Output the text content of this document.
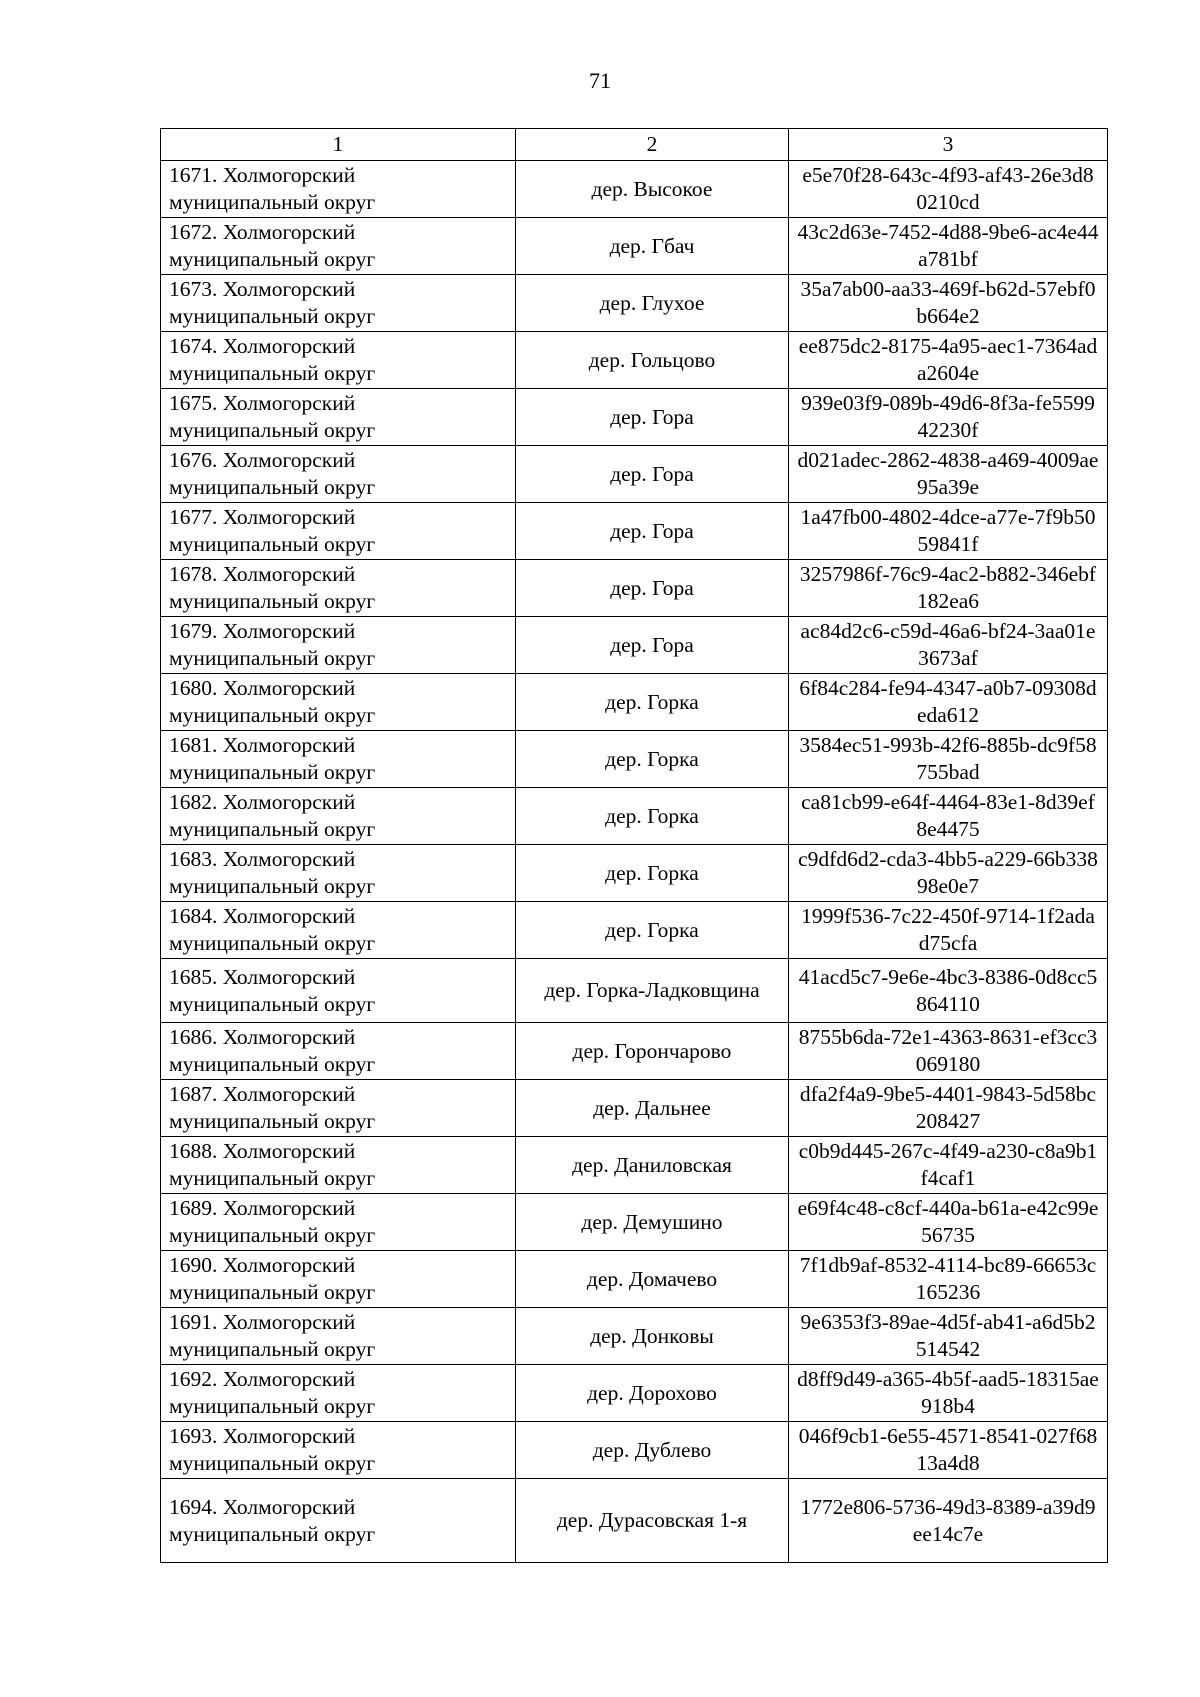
71
1	2	3
1671. Холмогорский муниципальный округ	дер. Высокое	e5e70f28-643c-4f93-af43-26e3d80210cd
1672. Холмогорский муниципальный округ	дер. Гбач	43c2d63e-7452-4d88-9be6-ac4e44a781bf
1673. Холмогорский муниципальный округ	дер. Глухое	35a7ab00-aa33-469f-b62d-57ebf0b664e2
1674. Холмогорский муниципальный округ	дер. Гольцово	ee875dc2-8175-4a95-aec1-7364ada2604e
1675. Холмогорский муниципальный округ	дер. Гора	939e03f9-089b-49d6-8f3a-fe559942230f
1676. Холмогорский муниципальный округ	дер. Гора	d021adec-2862-4838-a469-4009ae95a39e
1677. Холмогорский муниципальный округ	дер. Гора	1a47fb00-4802-4dce-a77e-7f9b5059841f
1678. Холмогорский муниципальный округ	дер. Гора	3257986f-76c9-4ac2-b882-346ebf182ea6
1679. Холмогорский муниципальный округ	дер. Гора	ac84d2c6-c59d-46a6-bf24-3aa01e3673af
1680. Холмогорский муниципальный округ	дер. Горка	6f84c284-fe94-4347-a0b7-09308deda612
1681. Холмогорский муниципальный округ	дер. Горка	3584ec51-993b-42f6-885b-dc9f58755bad
1682. Холмогорский муниципальный округ	дер. Горка	ca81cb99-e64f-4464-83e1-8d39ef8e4475
1683. Холмогорский муниципальный округ	дер. Горка	c9dfd6d2-cda3-4bb5-a229-66b33898e0e7
1684. Холмогорский муниципальный округ	дер. Горка	1999f536-7c22-450f-9714-1f2adad75cfa
1685. Холмогорский муниципальный округ	дер. Горка-Ладковщина	41acd5c7-9e6e-4bc3-8386-0d8cc5864110
1686. Холмогорский муниципальный округ	дер. Горончарово	8755b6da-72e1-4363-8631-ef3cc3069180
1687. Холмогорский муниципальный округ	дер. Дальнее	dfa2f4a9-9be5-4401-9843-5d58bc208427
1688. Холмогорский муниципальный округ	дер. Даниловская	c0b9d445-267c-4f49-a230-c8a9b1f4caf1
1689. Холмогорский муниципальный округ	дер. Демушино	e69f4c48-c8cf-440a-b61a-e42c99e56735
1690. Холмогорский муниципальный округ	дер. Домачево	7f1db9af-8532-4114-bc89-66653c165236
1691. Холмогорский муниципальный округ	дер. Донковы	9e6353f3-89ae-4d5f-ab41-a6d5b2514542
1692. Холмогорский муниципальный округ	дер. Дорохово	d8ff9d49-a365-4b5f-aad5-18315ae918b4
1693. Холмогорский муниципальный округ	дер. Дублево	046f9cb1-6e55-4571-8541-027f6813a4d8
1694. Холмогорский муниципальный округ	дер. Дурасовская 1-я	1772e806-5736-49d3-8389-a39d9ee14c7e
